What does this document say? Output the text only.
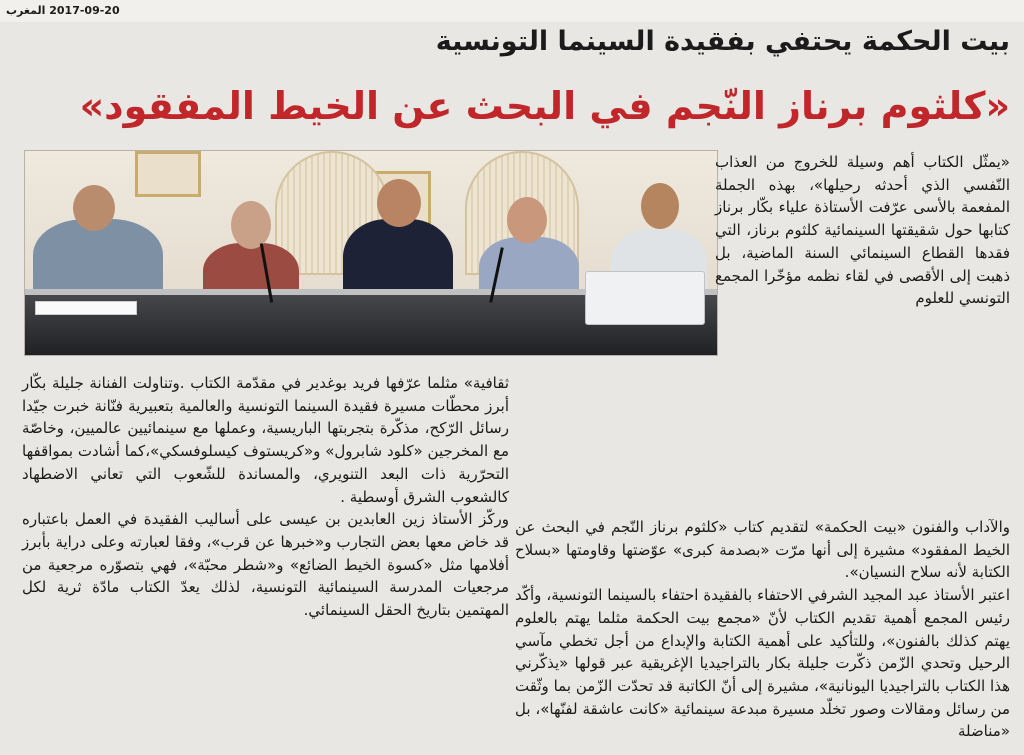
2017-09-20 المغرب
بيت الحكمة يحتفي بفقيدة السينما التونسية
«كلثوم برناز النّجم في البحث عن الخيط المفقود»

«يمثّل الكتاب أهم وسيلة للخروج من العذاب النّفسي الذي أحدثه رحيلها»، بهذه الجملة المفعمة بالأسى عرّفت الأستاذة علياء بكّار برناز كتابها حول شقيقتها السينمائية كلثوم برناز، التي فقدها القطاع السينمائي السنة الماضية، بل ذهبت إلى الأقصى في لقاء نظمه مؤخّرا المجمع التونسي للعلوم

والآداب والفنون «بيت الحكمة» لتقديم كتاب «كلثوم برناز النّجم في البحث عن الخيط المفقود» مشيرة إلى أنها مرّت «بصدمة كبرى» عوّضتها وقاومتها «بسلاح الكتابة لأنه سلاح النسيان».

اعتبر الأستاذ عبد المجيد الشرفي الاحتفاء بالفقيدة احتفاء بالسينما التونسية، وأكّد رئيس المجمع أهمية تقديم الكتاب لأنّ «مجمع بيت الحكمة مثلما يهتم بالعلوم يهتم كذلك بالفنون»، وللتأكيد على أهمية الكتابة والإبداع من أجل تخطي مآسي الرحيل وتحدي الزّمن ذكّرت جليلة بكار بالتراجيديا الإغريقية عبر قولها «يذكّرني هذا الكتاب بالتراجيديا اليونانية»، مشيرة إلى أنّ الكاتبة قد تحدّت الزّمن بما وثّقت من رسائل ومقالات وصور تخلّد مسيرة مبدعة سينمائية «كانت عاشقة لفنّها»، بل «مناضلة

ثقافية» مثلما عرّفها فريد بوغدير في مقدّمة الكتاب .وتناولت الفنانة جليلة بكّار أبرز محطّات مسيرة فقيدة السينما التونسية والعالمية بتعبيرية فنّانة خبرت جيّدا رسائل الرّكح، مذكّرة بتجربتها الباريسية، وعملها مع سينمائيين عالميين، وخاصّة مع المخرجين «كلود شابرول» و«كريستوف كيسلوفسكي»،كما أشادت بمواقفها التحرّرية ذات البعد التنويري، والمساندة للشّعوب التي تعاني الاضطهاد كالشعوب الشرق أوسطية .

وركّز الأستاذ زين العابدين بن عيسى على أساليب الفقيدة في العمل باعتباره قد خاض معها بعض التجارب و«خبرها عن قرب»، وفقا لعبارته وعلى دراية بأبرز أفلامها مثل «كسوة الخيط الضائع» و«شطر محبّة»، فهي بتصوّره مرجعية من مرجعيات المدرسة السينمائية التونسية، لذلك يعدّ الكتاب مادّة ثرية لكل المهتمين بتاريخ الحقل السينمائي.
